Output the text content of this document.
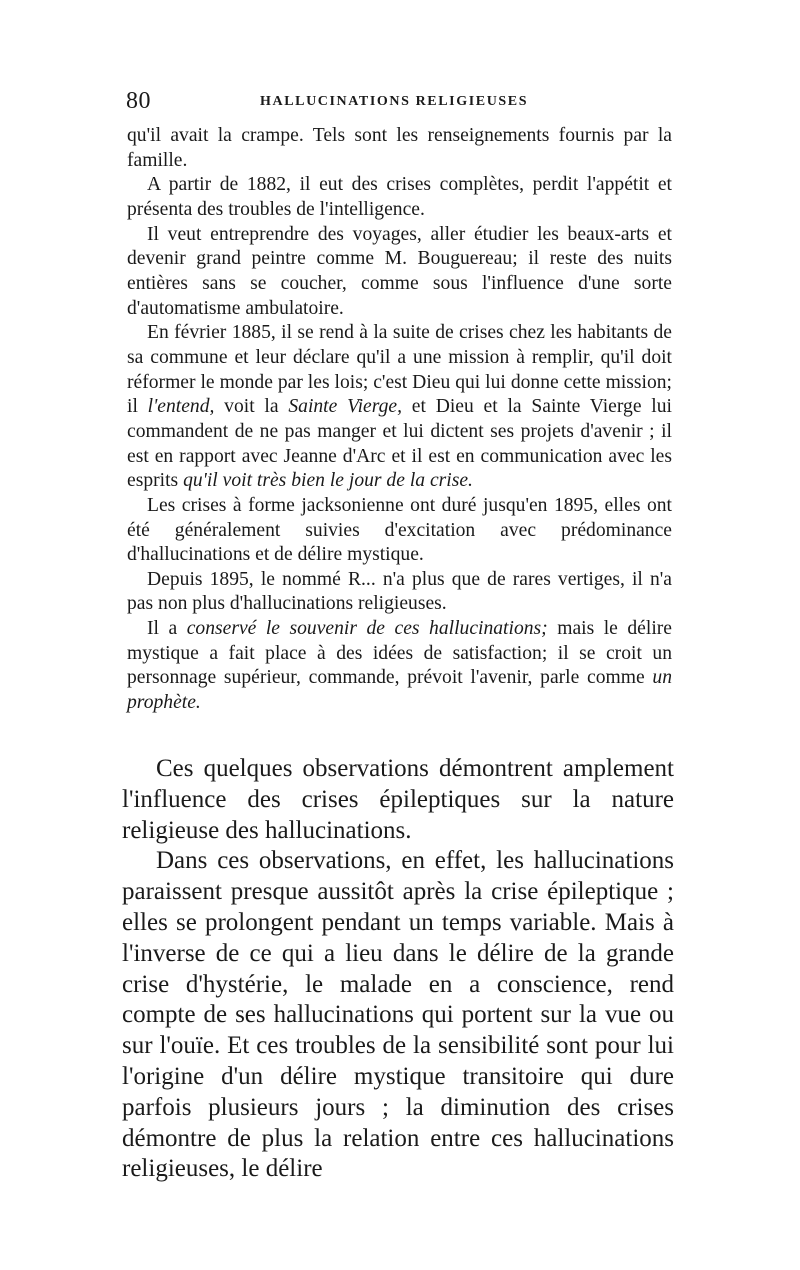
80	HALLUCINATIONS RELIGIEUSES

qu'il avait la crampe. Tels sont les renseignements fournis par la famille.

A partir de 1882, il eut des crises complètes, perdit l'appétit et présenta des troubles de l'intelligence.

Il veut entreprendre des voyages, aller étudier les beaux-arts et devenir grand peintre comme M. Bouguereau; il reste des nuits entières sans se coucher, comme sous l'influence d'une sorte d'automatisme ambulatoire.

En février 1885, il se rend à la suite de crises chez les habitants de sa commune et leur déclare qu'il a une mission à remplir, qu'il doit réformer le monde par les lois; c'est Dieu qui lui donne cette mission; il l'entend, voit la Sainte Vierge, et Dieu et la Sainte Vierge lui commandent de ne pas manger et lui dictent ses projets d'avenir ; il est en rapport avec Jeanne d'Arc et il est en communication avec les esprits qu'il voit très bien le jour de la crise.

Les crises à forme jacksonienne ont duré jusqu'en 1895, elles ont été généralement suivies d'excitation avec prédominance d'hallucinations et de délire mystique.

Depuis 1895, le nommé R... n'a plus que de rares vertiges, il n'a pas non plus d'hallucinations religieuses.

Il a conservé le souvenir de ces hallucinations; mais le délire mystique a fait place à des idées de satisfaction; il se croit un personnage supérieur, commande, prévoit l'avenir, parle comme un prophète.

Ces quelques observations démontrent amplement l'influence des crises épileptiques sur la nature religieuse des hallucinations.

Dans ces observations, en effet, les hallucinations paraissent presque aussitôt après la crise épileptique ; elles se prolongent pendant un temps variable. Mais à l'inverse de ce qui a lieu dans le délire de la grande crise d'hystérie, le malade en a conscience, rend compte de ses hallucinations qui portent sur la vue ou sur l'ouïe. Et ces troubles de la sensibilité sont pour lui l'origine d'un délire mystique transitoire qui dure parfois plusieurs jours ; la diminution des crises démontre de plus la relation entre ces hallucinations religieuses, le délire
